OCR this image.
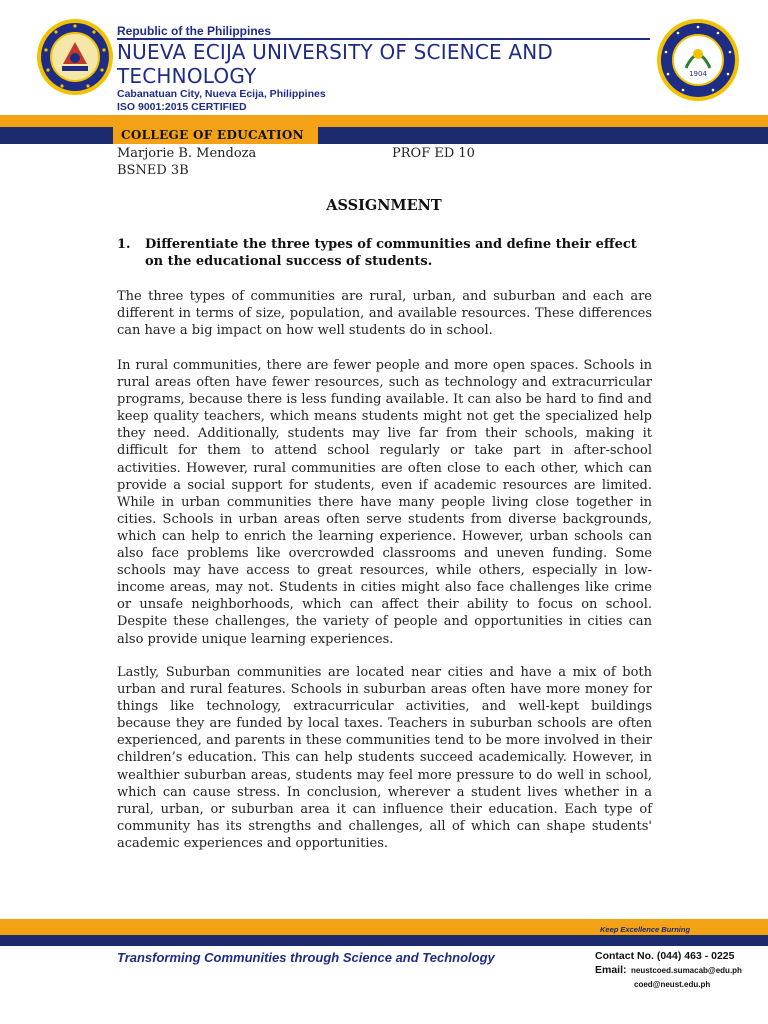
1904
Republic of the Philippines
NUEVA ECIJA UNIVERSITY OF SCIENCE AND
TECHNOLOGY
Cabanatuan City, Nueva Ecija, Philippines
ISO 9001:2015 CERTIFIED
COLLEGE OF EDUCATION
Marjorie B. Mendoza	PROF ED 10
BSNED 3B
ASSIGNMENT
1.	Differentiate the three types of communities and define their effect on the educational success of students.

The three types of communities are rural, urban, and suburban and each are different in terms of size, population, and available resources. These differences can have a big impact on how well students do in school.

In rural communities, there are fewer people and more open spaces. Schools in rural areas often have fewer resources, such as technology and extracurricular programs, because there is less funding available. It can also be hard to find and keep quality teachers, which means students might not get the specialized help they need. Additionally, students may live far from their schools, making it difficult for them to attend school regularly or take part in after-school activities. However, rural communities are often close to each other, which can provide a social support for students, even if academic resources are limited. While in urban communities there have many people living close together in cities. Schools in urban areas often serve students from diverse backgrounds, which can help to enrich the learning experience. However, urban schools can also face problems like overcrowded classrooms and uneven funding. Some schools may have access to great resources, while others, especially in low-income areas, may not. Students in cities might also face challenges like crime or unsafe neighborhoods, which can affect their ability to focus on school. Despite these challenges, the variety of people and opportunities in cities can also provide unique learning experiences.

Lastly, Suburban communities are located near cities and have a mix of both urban and rural features. Schools in suburban areas often have more money for things like technology, extracurricular activities, and well-kept buildings because they are funded by local taxes. Teachers in suburban schools are often experienced, and parents in these communities tend to be more involved in their children’s education. This can help students succeed academically. However, in wealthier suburban areas, students may feel more pressure to do well in school, which can cause stress. In conclusion, wherever a student lives whether in a rural, urban, or suburban area it can influence their education. Each type of community has its strengths and challenges, all of which can shape students' academic experiences and opportunities.

Keep Excellence Burning
Transforming Communities through Science and Technology	Contact No. (044) 463 - 0225
Email: neustcoed.sumacab@edu.ph
coed@neust.edu.ph
